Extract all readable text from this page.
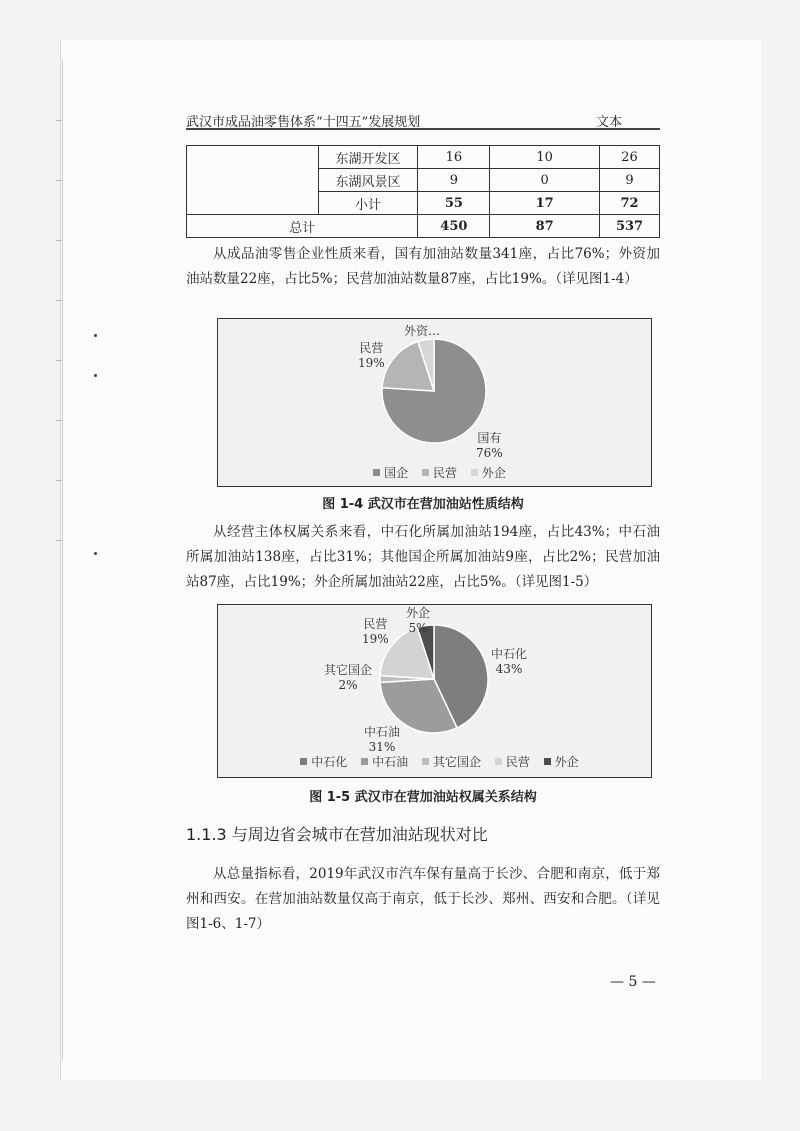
武汉市成品油零售体系“十四五”发展规划	文本
	东湖开发区	16	10	26
	东湖风景区	9	0	9
	小计	55	17	72
总计		450	87	537
从成品油零售企业性质来看，国有加油站数量341座，占比76%；外资加油站数量22座，占比5%；民营加油站数量87座，占比19%。（详见图1-4）
民营
19%
外资…
国有
76%
国企 民营 外企
图 1-4 武汉市在营加油站性质结构
从经营主体权属关系来看，中石化所属加油站194座，占比43%；中石油所属加油站138座，占比31%；其他国企所属加油站9座，占比2%；民营加油站87座，占比19%；外企所属加油站22座，占比5%。（详见图1-5）
中石化
43%
中石油
31%
其它国企
2%
民营
19%
外企
5%
中石化 中石油 其它国企 民营 外企
图 1-5 武汉市在营加油站权属关系结构
1.1.3 与周边省会城市在营加油站现状对比
从总量指标看，2019年武汉市汽车保有量高于长沙、合肥和南京，低于郑州和西安。在营加油站数量仅高于南京，低于长沙、郑州、西安和合肥。（详见图1-6、1-7）
— 5 —
